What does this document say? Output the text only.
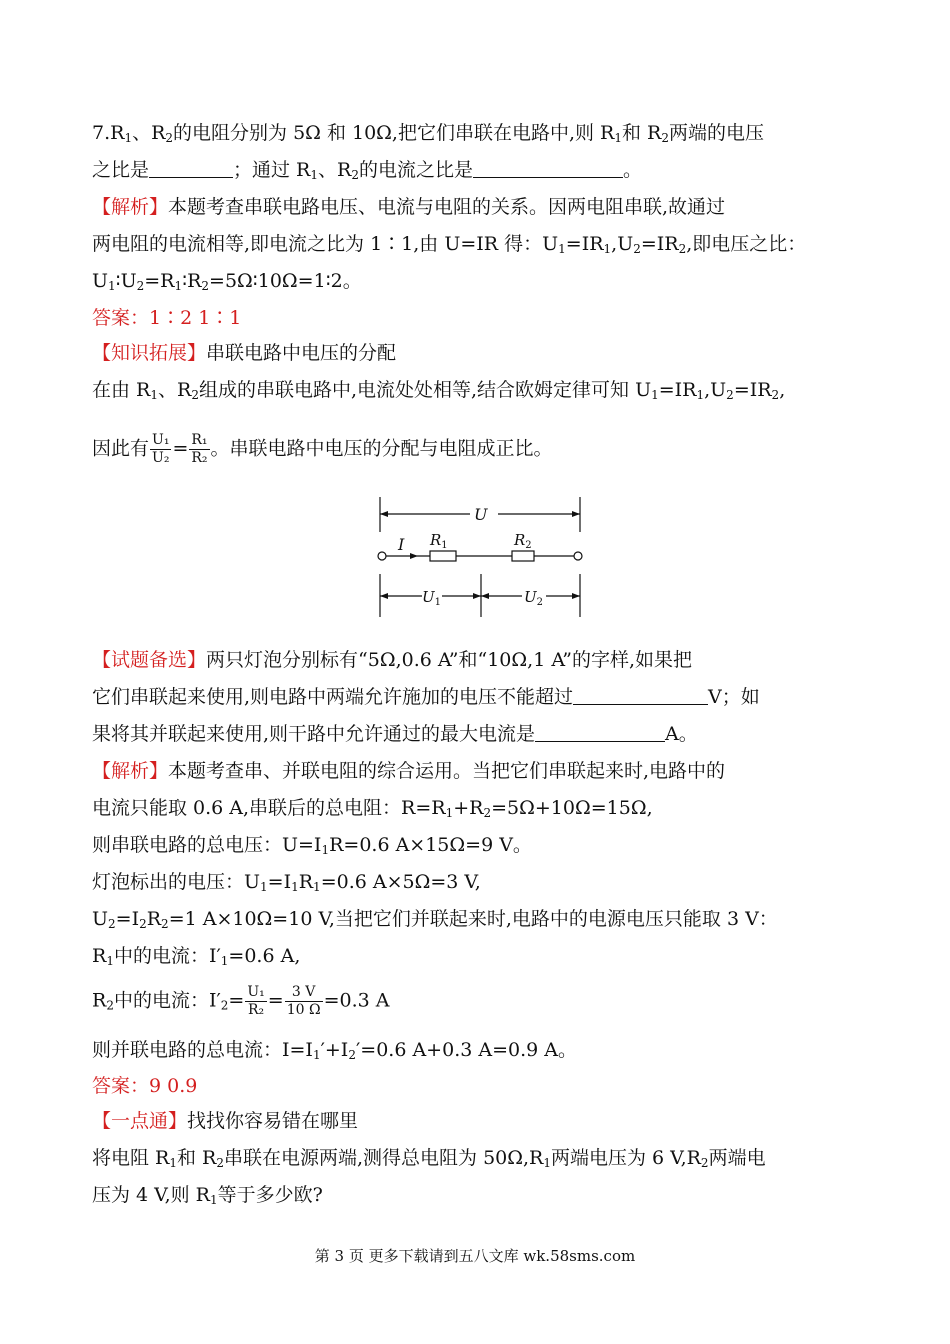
$7.R_1$、$R_2$的电阻分别为 5Ω 和 10Ω,把它们串联在电路中,则 $R_1$和 $R_2$两端的电压
之比是	；通过 $R_1$、$R_2$的电流之比是	。
【解析】本题考查串联电路电压、电流与电阻的关系。因两电阻串联,故通过
两电阻的电流相等,即电流之比为 1∶1,由 U=IR 得：$U_1=IR_1,U_2=IR_2$,即电压之比：
$U_1∶U_2=R_1∶R_2=5\Omega∶10\Omega=1∶2$。
答案：1∶2 1∶1
【知识拓展】串联电路中电压的分配
在由 $R_1$、$R_2$组成的串联电路中,电流处处相等,结合欧姆定律可知 $U_1=IR_1,U_2=IR_2$,
因此有 $\frac{\text{U₁}}{\text{U₂}} = \frac{\text{R₁}}{\text{R₂}}$ 。串联电路中电压的分配与电阻成正比。
U
I $R_1$	$R_2$
$U_1$	$U_2$
【试题备选】两只灯泡分别标有“5Ω,0.6 A”和“10Ω,1 A”的字样,如果把
它们串联起来使用,则电路中两端允许施加的电压不能超过	V；如
果将其并联起来使用,则干路中允许通过的最大电流是	A。
【解析】本题考查串、并联电阻的综合运用。当把它们串联起来时,电路中的
电流只能取 0.6 A,串联后的总电阻：$R=R_1+R_2=5\Omega+10\Omega=15\Omega$,
则串联电路的总电压：$U=I_1R=0.6$ A×15Ω=9 V。
灯泡标出的电压：$U_1=I_1R_1=0.6$ A×5Ω=3 V,
$U_2=I_2R_2=1$ A×10Ω=10 V,当把它们并联起来时,电路中的电源电压只能取 3 V：
$R_1$中的电流：$I'_1=0.6$ A,
$R_2$中的电流：$I'_2= \frac{\text{U₁}}{\text{R₂}} = \frac{3 V}{10 \Omega} =0.3$ A
则并联电路的总电流：$I=I_1'+I_2'=0.6$ A+0.3 A=0.9 A。
答案：9 0.9
【一点通】找找你容易错在哪里
将电阻 $R_1$和 $R_2$串联在电源两端,测得总电阻为 $50\Omega,R_1$两端电压为 6 $V,R_2$两端电
压为 4 V,则 $R_1$等于多少欧?
第 3 页 更多下载请到五八文库 wk.58sms.com
